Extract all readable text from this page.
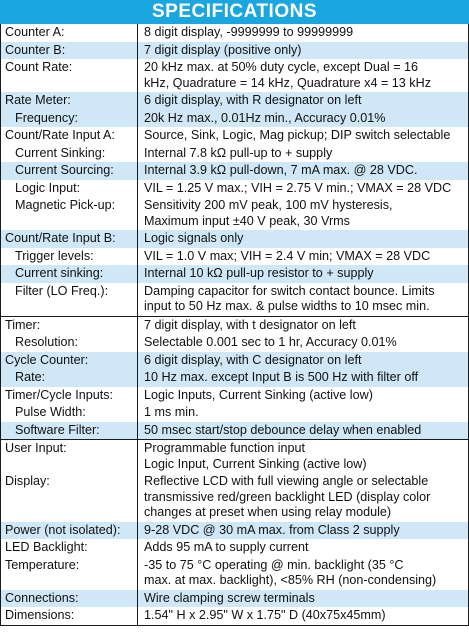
SPECIFICATIONS
Counter A:	8 digit display, -9999999 to 99999999
Counter B:	7 digit display (positive only)
Count Rate:	20 kHz max. at 50% duty cycle, except Dual = 16
kHz, Quadrature = 14 kHz, Quadrature x4 = 13 kHz
Rate Meter:	6 digit display, with R designator on left
Frequency:	20k Hz max., 0.01Hz min., Accuracy 0.01%
Count/Rate Input A:	Source, Sink, Logic, Mag pickup; DIP switch selectable
Current Sinking:	Internal 7.8 kΩ pull-up to + supply
Current Sourcing:	Internal 3.9 kΩ pull-down, 7 mA max. @ 28 VDC.
Logic Input:	VIL = 1.25 V max.; VIH = 2.75 V min.; VMAX = 28 VDC
Magnetic Pick-up:	Sensitivity 200 mV peak, 100 mV hysteresis,
Maximum input ±40 V peak, 30 Vrms
Count/Rate Input B:	Logic signals only
Trigger levels:	VIL = 1.0 V max; VIH = 2.4 V min; VMAX = 28 VDC
Current sinking:	Internal 10 kΩ pull-up resistor to + supply
Filter (LO Freq.):	Damping capacitor for switch contact bounce. Limits
input to 50 Hz max. & pulse widths to 10 msec min.
Timer:	7 digit display, with t designator on left
Resolution:	Selectable 0.001 sec to 1 hr, Accuracy 0.01%
Cycle Counter:	6 digit display, with C designator on left
Rate:	10 Hz max. except Input B is 500 Hz with filter off
Timer/Cycle Inputs:	Logic Inputs, Current Sinking (active low)
Pulse Width:	1 ms min.
Software Filter:	50 msec start/stop debounce delay when enabled
User Input:	Programmable function input
Logic Input, Current Sinking (active low)
Display:	Reflective LCD with full viewing angle or selectable
transmissive red/green backlight LED (display color
changes at preset when using relay module)
Power (not isolated):	9-28 VDC @ 30 mA max. from Class 2 supply
LED Backlight:	Adds 95 mA to supply current
Temperature:	-35 to 75 °C operating @ min. backlight (35 °C
max. at max. backlight), <85% RH (non-condensing)
Connections:	Wire clamping screw terminals
Dimensions:	1.54" H x 2.95" W x 1.75" D (40x75x45mm)
